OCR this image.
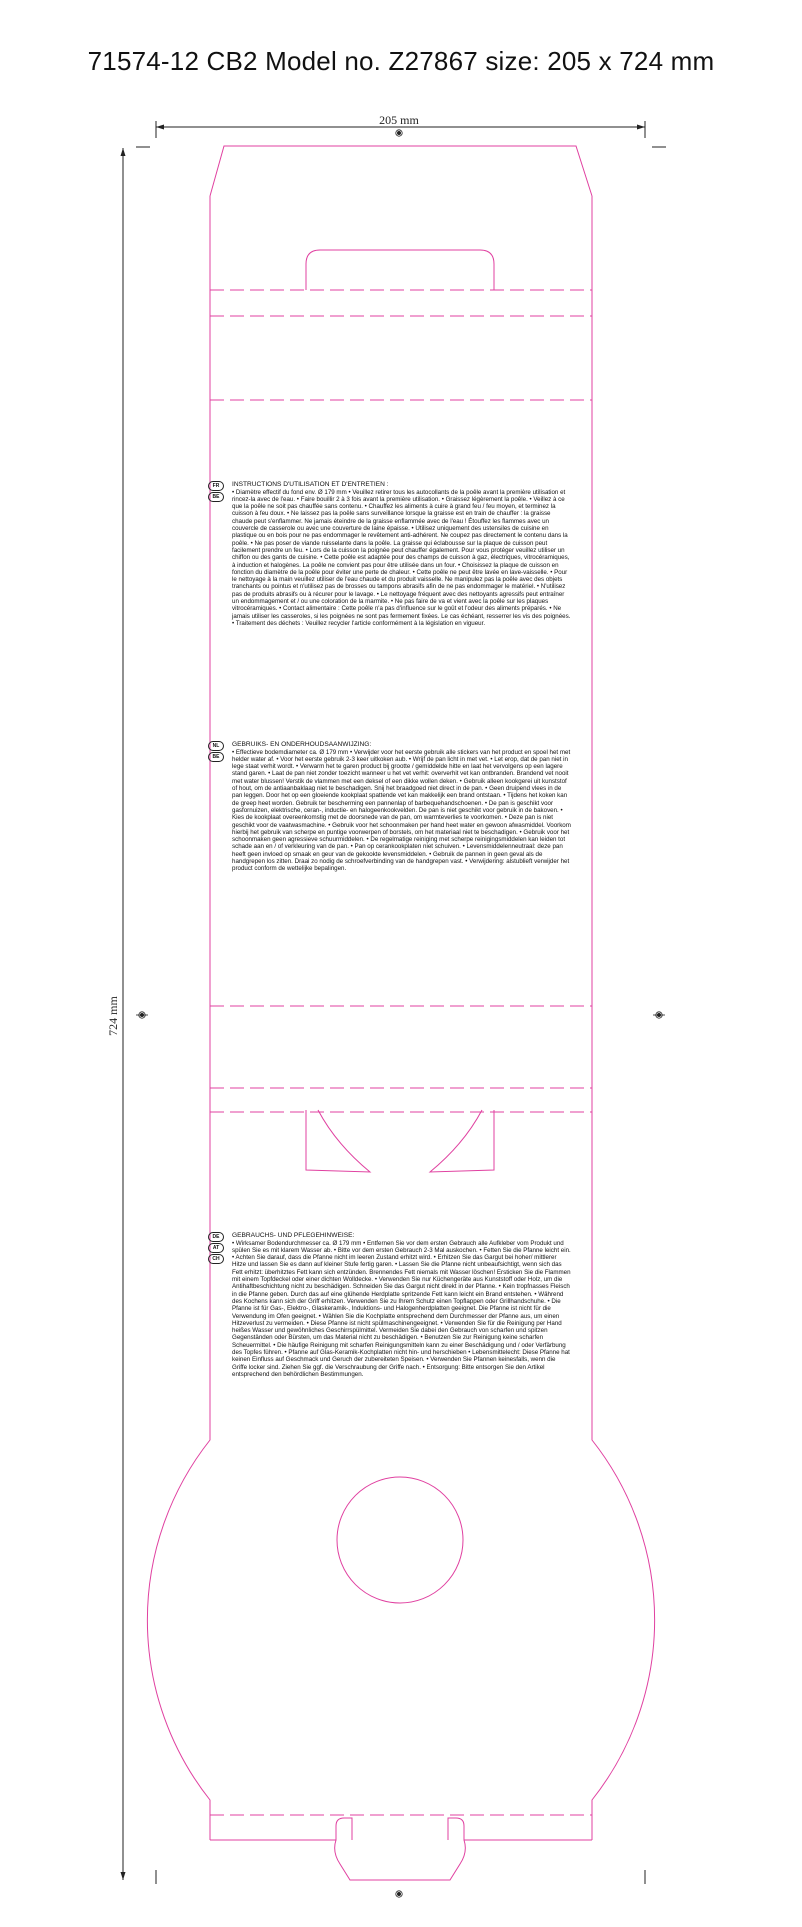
71574-12 CB2 Model no. Z27867 size: 205 x 724 mm
205 mm
724 mm
FR
BE

INSTRUCTIONS D'UTILISATION ET D'ENTRETIEN :

• Diamètre effectif du fond env. Ø 179 mm • Veuillez retirer tous les autocollants de la poêle avant la première utilisation et rincez-la avec de l'eau. • Faire bouillir 2 à 3 fois avant la première utilisation. • Graissez légèrement la poêle. • Veillez à ce que la poêle ne soit pas chauffée sans contenu. • Chauffez les aliments à cuire à grand feu / feu moyen, et terminez la cuisson à feu doux. • Ne laissez pas la poêle sans surveillance lorsque la graisse est en train de chauffer : la graisse chaude peut s'enflammer. Ne jamais éteindre de la graisse enflammée avec de l'eau ! Étouffez les flammes avec un couvercle de casserole ou avec une couverture de laine épaisse. • Utilisez uniquement des ustensiles de cuisine en plastique ou en bois pour ne pas endommager le revêtement anti-adhérent. Ne coupez pas directement le contenu dans la poêle. • Ne pas poser de viande ruisselante dans la poêle. La graisse qui éclabousse sur la plaque de cuisson peut facilement prendre un feu. • Lors de la cuisson la poignée peut chauffer également. Pour vous protéger veuillez utiliser un chiffon ou des gants de cuisine. • Cette poêle est adaptée pour des champs de cuisson à gaz, électriques, vitrocéramiques, à induction et halogènes. La poêle ne convient pas pour être utilisée dans un four. • Choisissez la plaque de cuisson en fonction du diamètre de la poêle pour éviter une perte de chaleur. • Cette poêle ne peut être lavée en lave-vaisselle. • Pour le nettoyage à la main veuillez utiliser de l'eau chaude et du produit vaisselle. Ne manipulez pas la poêle avec des objets tranchants ou pointus et n'utilisez pas de brosses ou tampons abrasifs afin de ne pas endommager le matériel. • N'utilisez pas de produits abrasifs ou à récurer pour le lavage. • Le nettoyage fréquent avec des nettoyants agressifs peut entraîner un endommagement et / ou une coloration de la marmite. • Ne pas faire de va et vient avec la poêle sur les plaques vitrocéramiques. • Contact alimentaire : Cette poêle n'a pas d'influence sur le goût et l'odeur des aliments préparés. • Ne jamais utiliser les casseroles, si les poignées ne sont pas fermement fixées. Le cas échéant, resserrer les vis des poignées. • Traitement des déchets : Veuillez recycler l'article conformément à la législation en vigueur.

NL
BE

GEBRUIKS- EN ONDERHOUDSAANWIJZING:

• Effectieve bodemdiameter ca. Ø 179 mm • Verwijder voor het eerste gebruik alle stickers van het product en spoel het met helder water af. • Voor het eerste gebruik 2-3 keer uitkoken aub. • Wrijf de pan licht in met vet. • Let erop, dat de pan niet in lege staat verhit wordt. • Verwarm het te garen product bij grootte / gemiddelde hitte en laat het vervolgens op een lagere stand garen. • Laat de pan niet zonder toezicht wanneer u het vet verhit: oververhit vet kan ontbranden. Brandend vet nooit met water blussen! Verstik de vlammen met een deksel of een dikke wollen deken. • Gebruik alleen kookgerei uit kunststof of hout, om de antiaanbaklaag niet te beschadigen. Snij het braadgoed niet direct in de pan. • Geen druipend vlees in de pan leggen. Door het op een gloeiende kookplaat spattende vet kan makkelijk een brand ontstaan. • Tijdens het koken kan de greep heet worden. Gebruik ter bescherming een pannenlap of barbequehandschoenen. • De pan is geschikt voor gasfornuizen, elektrische, ceran-, inductie- en halogeenkookvelden. De pan is niet geschikt voor gebruik in de bakoven. • Kies de kookplaat overeenkomstig met de doorsnede van de pan, om warmteverlies te voorkomen. • Deze pan is niet geschikt voor de vaatwasmachine. • Gebruik voor het schoonmaken per hand heet water en gewoon afwasmiddel. Voorkom hierbij het gebruik van scherpe en puntige voorwerpen of borstels, om het materiaal niet te beschadigen. • Gebruik voor het schoonmaken geen agressieve schuurmiddelen. • De regelmatige reiniging met scherpe reinigingsmiddelen kan leiden tot schade aan en / of verkleuring van de pan. • Pan op cerankookplaten niet schuiven. • Levensmiddelenneutraal: deze pan heeft geen invloed op smaak en geur van de gekookte levensmiddelen. • Gebruik de pannen in geen geval als de handgrepen los zitten. Draai zo nodig de schroefverbinding van de handgrepen vast. • Verwijdering: alstublieft verwijder het product conform de wettelijke bepalingen.

DE
AT
CH

GEBRAUCHS- UND PFLEGEHINWEISE:

• Wirksamer Bodendurchmesser ca. Ø 179 mm • Entfernen Sie vor dem ersten Gebrauch alle Aufkleber vom Produkt und spülen Sie es mit klarem Wasser ab. • Bitte vor dem ersten Gebrauch 2-3 Mal auskochen. • Fetten Sie die Pfanne leicht ein. • Achten Sie darauf, dass die Pfanne nicht im leeren Zustand erhitzt wird. • Erhitzen Sie das Gargut bei hoher/ mittlerer Hitze und lassen Sie es dann auf kleiner Stufe fertig garen. • Lassen Sie die Pfanne nicht unbeaufsichtigt, wenn sich das Fett erhitzt: überhitztes Fett kann sich entzünden. Brennendes Fett niemals mit Wasser löschen! Ersticken Sie die Flammen mit einem Topfdeckel oder einer dichten Wolldecke. • Verwenden Sie nur Küchengeräte aus Kunststoff oder Holz, um die Antihaftbeschichtung nicht zu beschädigen. Schneiden Sie das Gargut nicht direkt in der Pfanne. • Kein tropfnasses Fleisch in die Pfanne geben. Durch das auf eine glühende Herdplatte spritzende Fett kann leicht ein Brand entstehen. • Während des Kochens kann sich der Griff erhitzen. Verwenden Sie zu Ihrem Schutz einen Topflappen oder Grillhandschuhe. • Die Pfanne ist für Gas-, Elektro-, Glaskeramik-, Induktions- und Halogenherdplatten geeignet. Die Pfanne ist nicht für die Verwendung im Ofen geeignet. • Wählen Sie die Kochplatte entsprechend dem Durchmesser der Pfanne aus, um einen Hitzeverlust zu vermeiden. • Diese Pfanne ist nicht spülmaschinengeeignet. • Verwenden Sie für die Reinigung per Hand heißes Wasser und gewöhnliches Geschirrspülmittel. Vermeiden Sie dabei den Gebrauch von scharfen und spitzen Gegenständen oder Bürsten, um das Material nicht zu beschädigen. • Benutzen Sie zur Reinigung keine scharfen Scheuermittel. • Die häufige Reinigung mit scharfen Reinigungsmitteln kann zu einer Beschädigung und / oder Verfärbung des Topfes führen. • Pfanne auf Glas-Keramik-Kochplatten nicht hin- und herschieben • Lebensmittelecht: Diese Pfanne hat keinen Einfluss auf Geschmack und Geruch der zubereiteten Speisen. • Verwenden Sie Pfannen keinesfalls, wenn die Griffe locker sind. Ziehen Sie ggf. die Verschraubung der Griffe nach. • Entsorgung: Bitte entsorgen Sie den Artikel entsprechend den behördlichen Bestimmungen.
